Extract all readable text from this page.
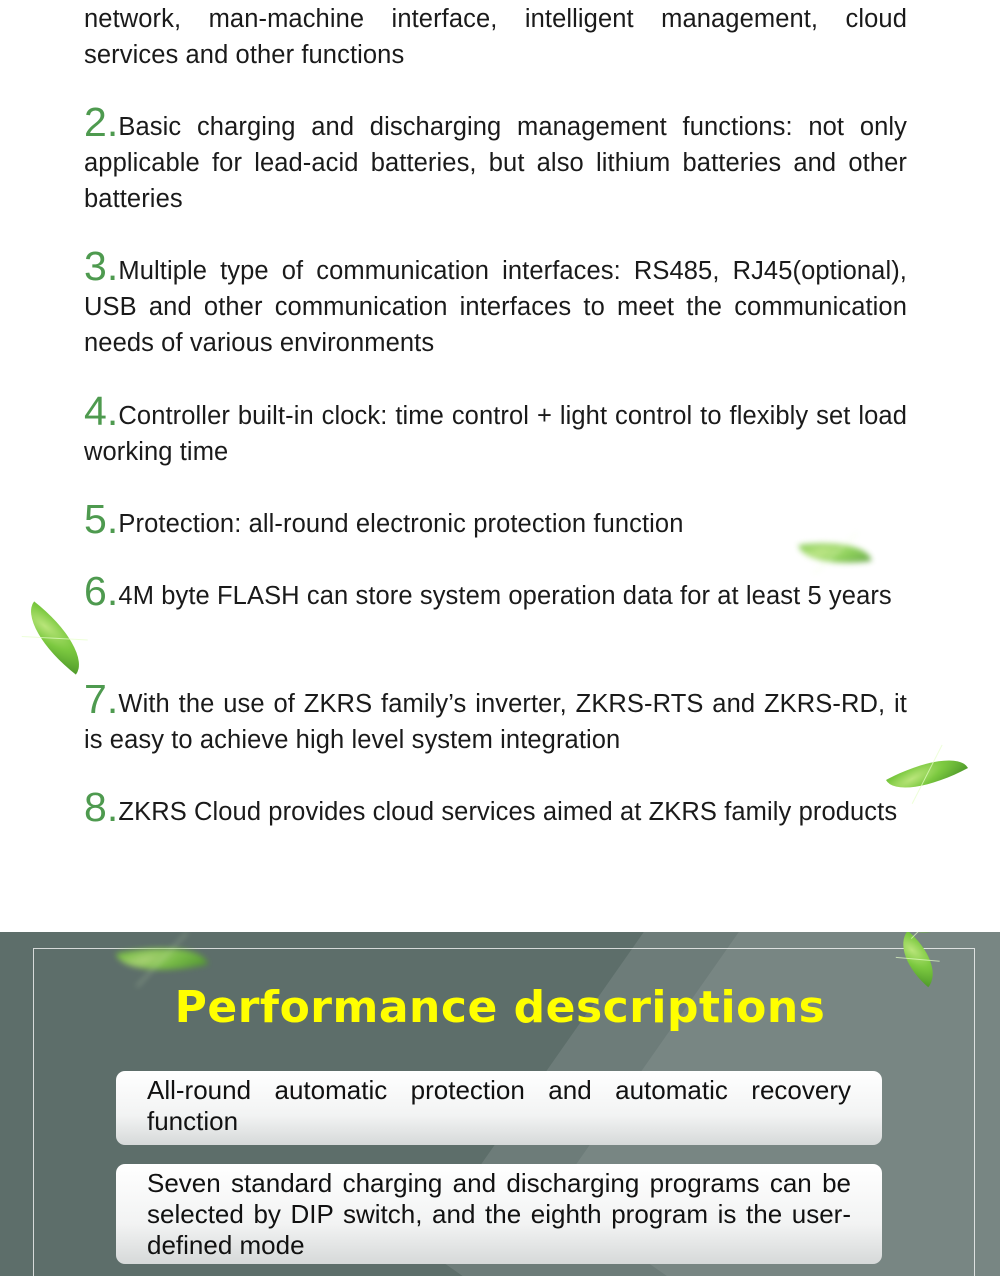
network, man-machine interface, intelligent management, cloud services and other functions
2.Basic charging and discharging management functions: not only applicable for lead-acid batteries, but also lithium batteries and other batteries
3.Multiple type of communication interfaces: RS485, RJ45(optional), USB and other communication interfaces to meet the communication needs of various environments
4.Controller built-in clock: time control + light control to flexibly set load working time
5.Protection: all-round electronic protection function
6.4M byte FLASH can store system operation data for at least 5 years
7.With the use of ZKRS family’s inverter, ZKRS-RTS and ZKRS-RD, it is easy to achieve high level system integration
8.ZKRS Cloud provides cloud services aimed at ZKRS family products
Performance descriptions
All-round automatic protection and automatic recovery function
Seven standard charging and discharging programs can be selected by DIP switch, and the eighth program is the user-defined mode
